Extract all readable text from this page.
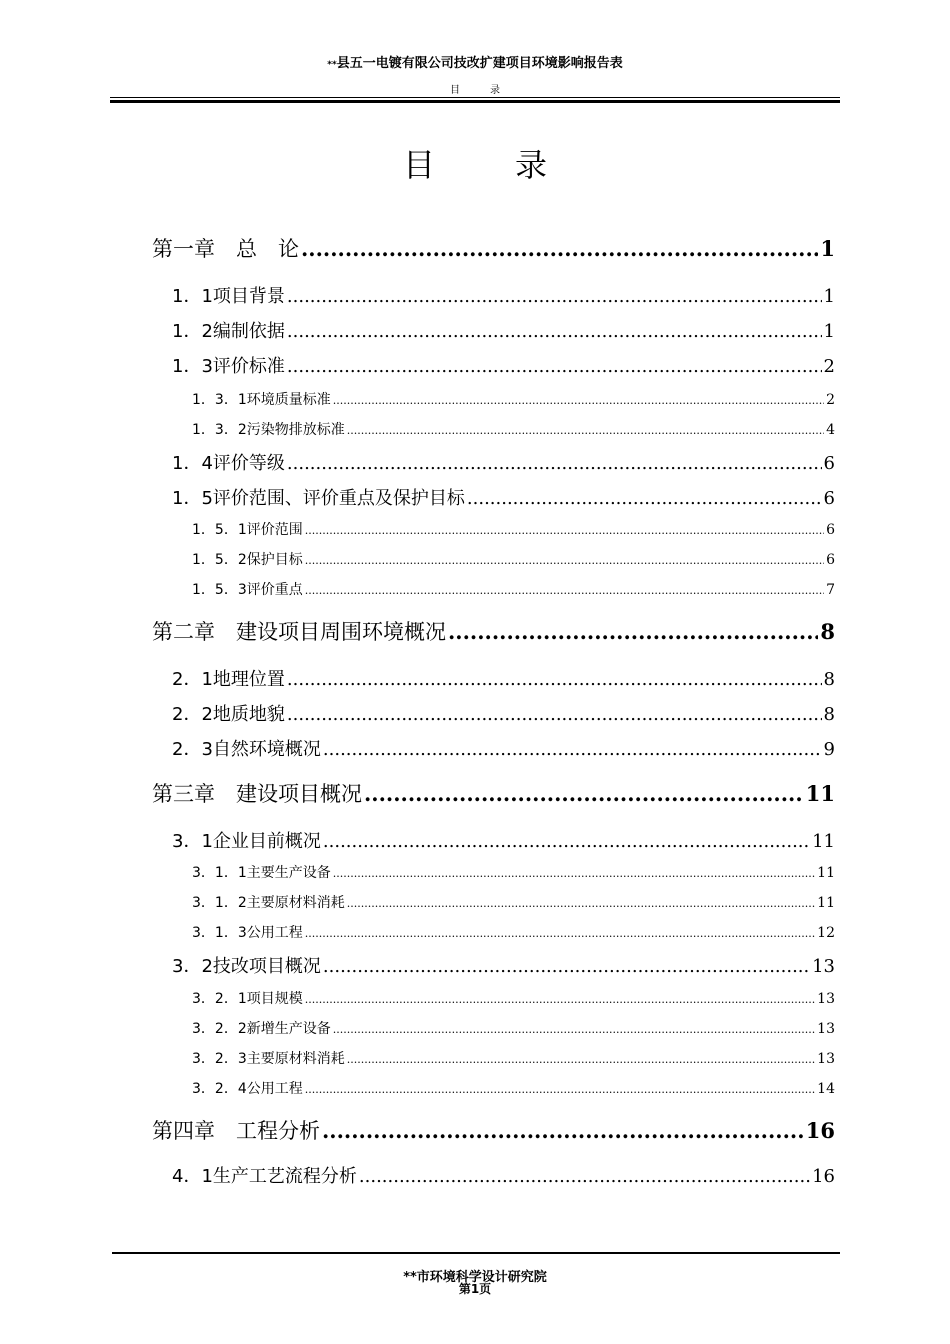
**县五一电镀有限公司技改扩建项目环境影响报告表
目录
目录
第一章　总　论 .....	1
1．1项目背景 .....	1
1．2编制依据 .....	1
1．3评价标准 .....	2
1．3．1环境质量标准 .....	2
1．3．2污染物排放标准 .....	4
1．4评价等级 .....	6
1．5评价范围、评价重点及保护目标 .....	6
1．5．1评价范围 .....	6
1．5．2保护目标 .....	6
1．5．3评价重点 .....	7
第二章　建设项目周围环境概况 .....	8
2．1地理位置 .....	8
2．2地质地貌 .....	8
2．3自然环境概况 .....	9
第三章　建设项目概况 .....	11
3．1企业目前概况 .....	11
3．1．1主要生产设备 .....	11
3．1．2主要原材料消耗 .....	11
3．1．3公用工程 .....	12
3．2技改项目概况 .....	13
3．2．1项目规模 .....	13
3．2．2新增生产设备 .....	13
3．2．3主要原材料消耗 .....	13
3．2．4公用工程 .....	14
第四章　工程分析 .....	16
4．1生产工艺流程分析 .....	16
**市环境科学设计研究院
第1页
